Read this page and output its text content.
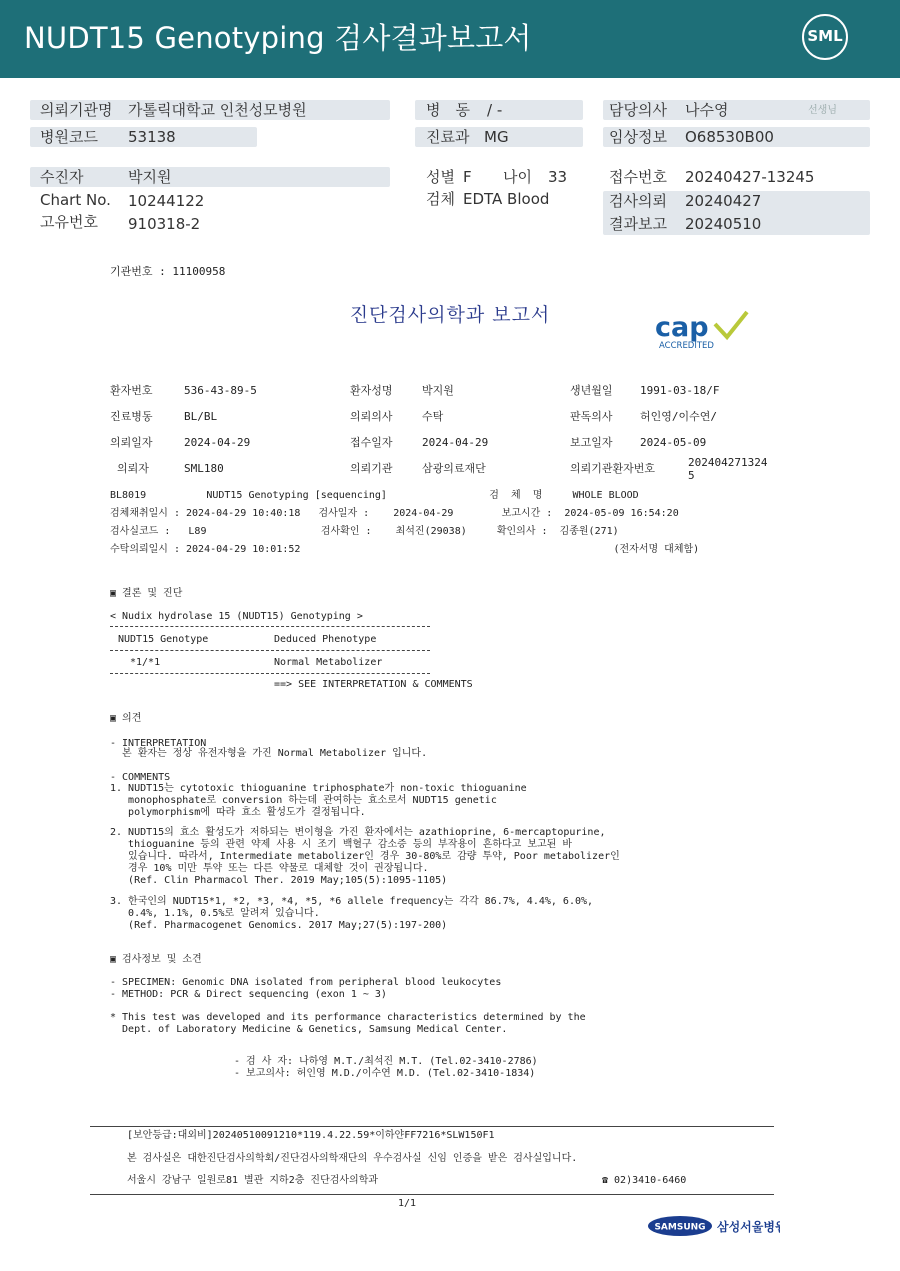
NUDT15 Genotyping 검사결과보고서	SML
의뢰기관명 가톨릭대학교 인천성모병원	병　동 / -	담당의사 나수영	선생님
병원코드 53138	진료과 MG	임상정보 O68530B00
수진자	박지원	성별 F 나이 33	접수번호 20240427-13245
Chart No. 10244122	검체 EDTA Blood	검사의뢰 20240427
고유번호 910318-2	결과보고 20240510
기관번호 : 11100958
진단검사의학과 보고서	cap
ACCREDITED
환자번호	536-43-89-5	환자성명	박지원	생년월일 1991-03-18/F
진료병동	BL/BL	의뢰의사	수탁	판독의사 허인영/이수연/
의뢰일자	2024-04-29	접수일자	2024-04-29	보고일자 2024-05-09
의뢰자	SML180	의뢰기관	삼광의료재단	의뢰기관환자번호	202404271324
5
BL8019          NUDT15 Genotyping [sequencing]                 검  체  명     WHOLE BLOOD
검체채취일시 : 2024-04-29 10:40:18   검사일자 :    2024-04-29        보고시간 :  2024-05-09 16:54:20
검사실코드 :   L89                   검사확인 :    최석진(29038)     확인의사 :  김종원(271)
수탁의뢰일시 : 2024-04-29 10:01:52                                                    (전자서명 대체함)
▣ 결론 및 진단
< Nudix hydrolase 15 (NUDT15) Genotyping >
NUDT15 Genotype	Deduced Phenotype
*1/*1	Normal Metabolizer
==> SEE INTERPRETATION & COMMENTS
▣ 의견
- INTERPRETATION
본 환자는 정상 유전자형을 가진 Normal Metabolizer 입니다.
- COMMENTS
1. NUDT15는 cytotoxic thioguanine triphosphate가 non-toxic thioguanine
monophosphate로 conversion 하는데 관여하는 효소로서 NUDT15 genetic
polymorphism에 따라 효소 활성도가 결정됩니다.
2. NUDT15의 효소 활성도가 저하되는 변이형을 가진 환자에서는 azathioprine, 6-mercaptopurine,
thioguanine 등의 관련 약제 사용 시 조기 백혈구 감소증 등의 부작용이 흔하다고 보고된 바
있습니다. 따라서, Intermediate metabolizer인 경우 30-80%로 감량 투약, Poor metabolizer인
경우 10% 미만 투약 또는 다른 약물로 대체할 것이 권장됩니다.
(Ref. Clin Pharmacol Ther. 2019 May;105(5):1095-1105)
3. 한국인의 NUDT15*1, *2, *3, *4, *5, *6 allele frequency는 각각 86.7%, 4.4%, 6.0%,
0.4%, 1.1%, 0.5%로 알려져 있습니다.
(Ref. Pharmacogenet Genomics. 2017 May;27(5):197-200)
▣ 검사정보 및 소견
- SPECIMEN: Genomic DNA isolated from peripheral blood leukocytes
- METHOD: PCR & Direct sequencing (exon 1 ~ 3)
* This test was developed and its performance characteristics determined by the
Dept. of Laboratory Medicine & Genetics, Samsung Medical Center.
- 검 사 자: 나하영 M.T./최석진 M.T. (Tel.02-3410-2786)
- 보고의사: 허인영 M.D./이수연 M.D. (Tel.02-3410-1834)
[보안등급:대외비]20240510091210*119.4.22.59*이하얀FF7216*SLW150F1
본 검사실은 대한진단검사의학회/진단검사의학재단의 우수검사실 신임 인증을 받은 검사실입니다.
서울시 강남구 일원로81 별관 지하2층 진단검사의학과	☎ 02)3410-6460
1/1
SAMSUNG 삼성서울병원
